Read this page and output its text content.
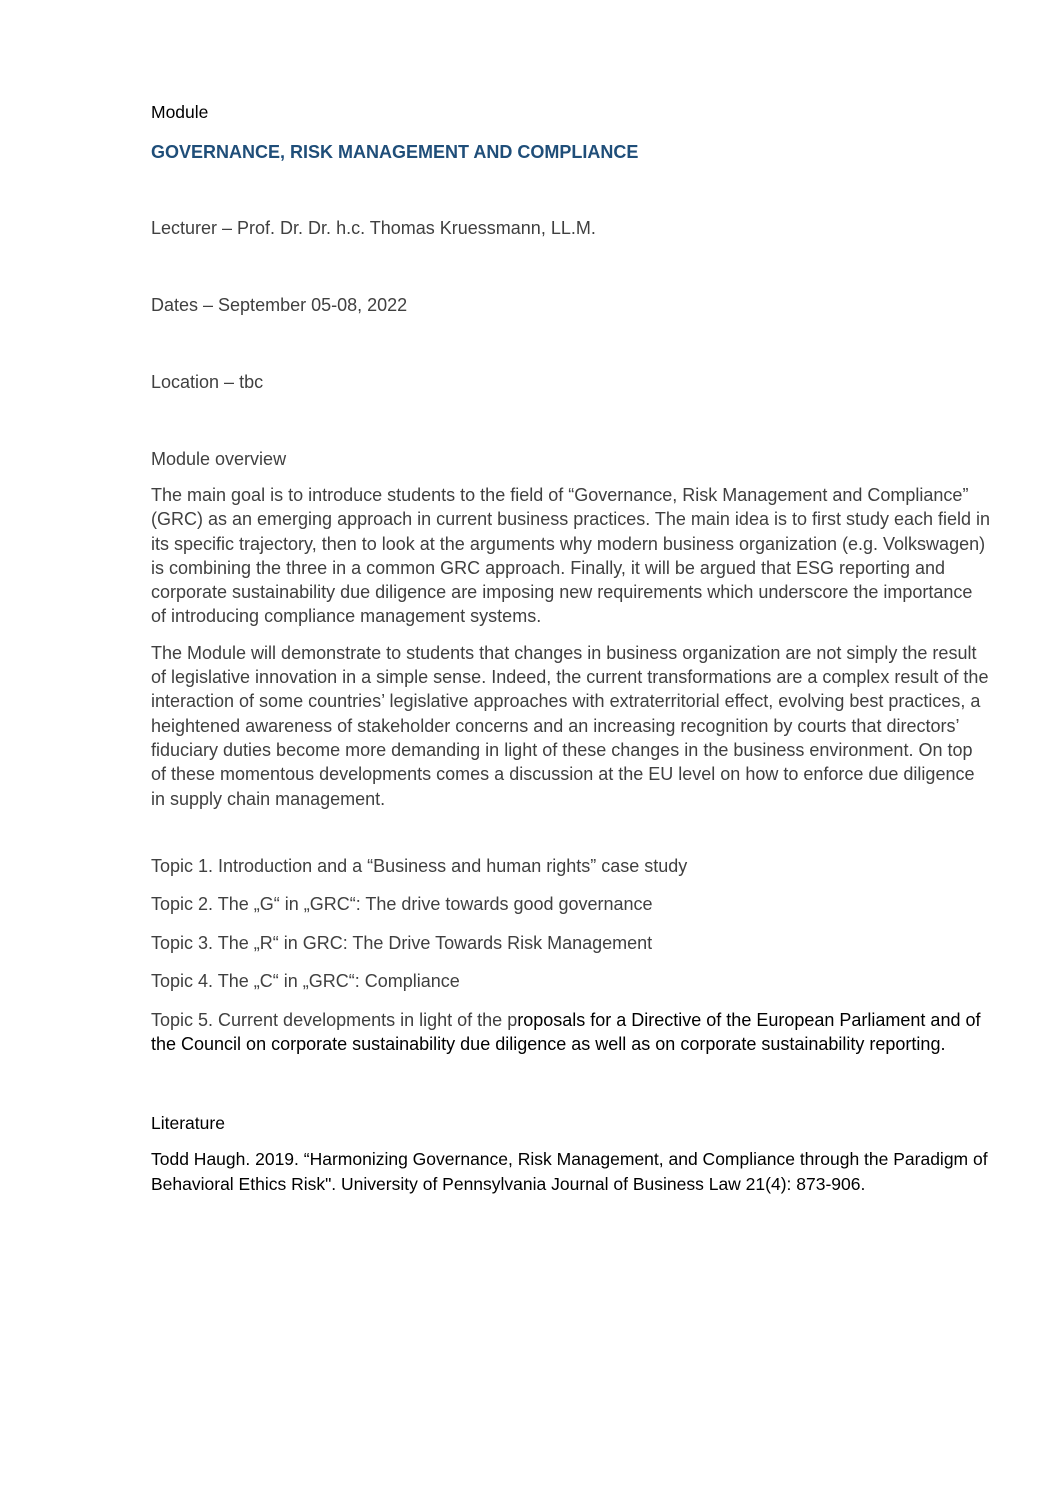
Module

GOVERNANCE, RISK MANAGEMENT AND COMPLIANCE

Lecturer – Prof. Dr. Dr. h.c. Thomas Kruessmann, LL.M.

Dates – September 05-08, 2022

Location – tbc

Module overview

The main goal is to introduce students to the field of “Governance, Risk Management and Compliance” (GRC) as an emerging approach in current business practices. The main idea is to first study each field in its specific trajectory, then to look at the arguments why modern business organization (e.g. Volkswagen) is combining the three in a common GRC approach. Finally, it will be argued that ESG reporting and corporate sustainability due diligence are imposing new requirements which underscore the importance of introducing compliance management systems.

The Module will demonstrate to students that changes in business organization are not simply the result of legislative innovation in a simple sense. Indeed, the current transformations are a complex result of the interaction of some countries’ legislative approaches with extraterritorial effect, evolving best practices, a heightened awareness of stakeholder concerns and an increasing recognition by courts that directors’ fiduciary duties become more demanding in light of these changes in the business environment. On top of these momentous developments comes a discussion at the EU level on how to enforce due diligence in supply chain management.

Topic 1. Introduction and a “Business and human rights” case study

Topic 2. The „G“ in „GRC“: The drive towards good governance

Topic 3. The „R“ in GRC: The Drive Towards Risk Management

Topic 4. The „C“ in „GRC“: Compliance

Topic 5. Current developments in light of the proposals for a Directive of the European Parliament and of the Council on corporate sustainability due diligence as well as on corporate sustainability reporting.

Literature

Todd Haugh. 2019. “Harmonizing Governance, Risk Management, and Compliance through the Paradigm of Behavioral Ethics Risk". University of Pennsylvania Journal of Business Law 21(4): 873-906.
